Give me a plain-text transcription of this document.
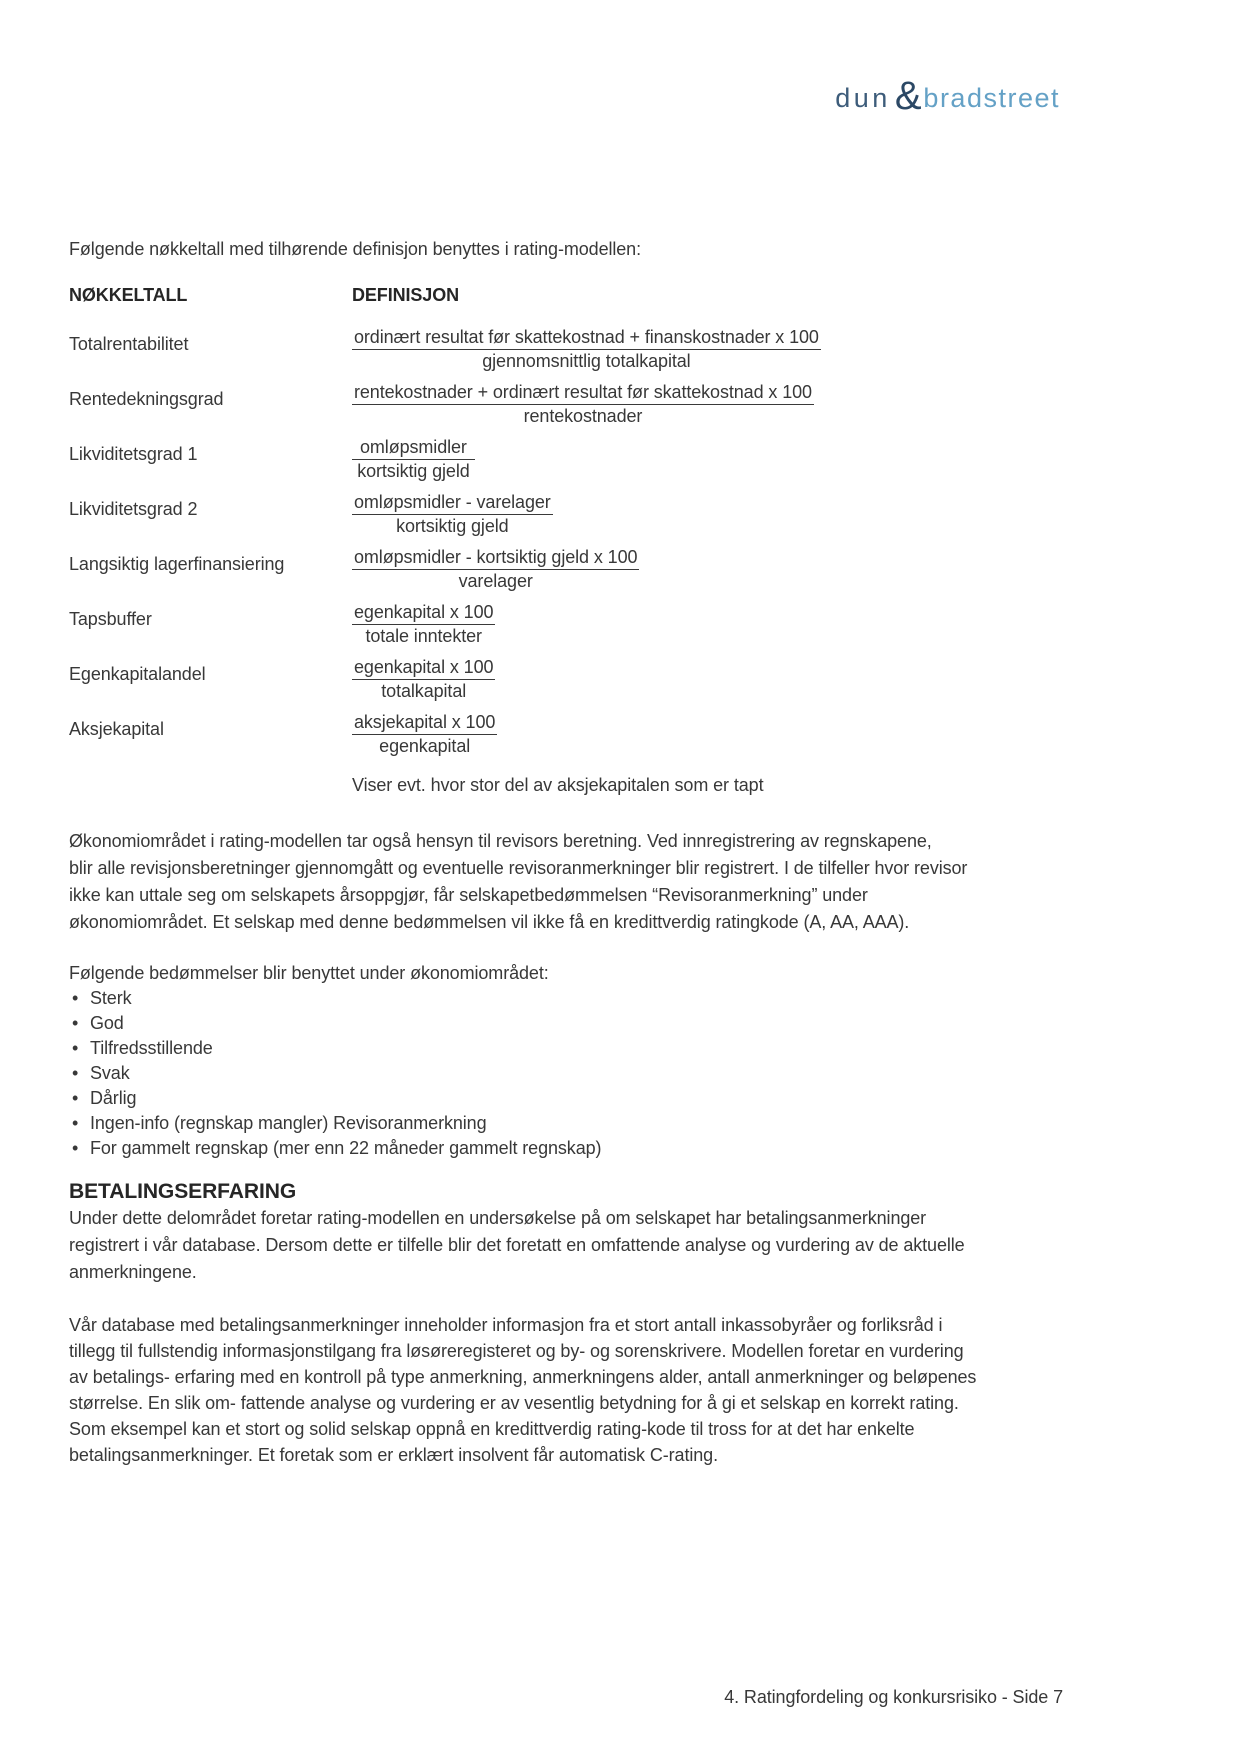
dun & bradstreet

Følgende nøkkeltall med tilhørende definisjon benyttes i rating-modellen:

NØKKELTALL	DEFINISJON
Totalrentabilitet	ordinært resultat før skattekostnad + finanskostnader x 100
gjennomsnittlig totalkapital
Rentedekningsgrad	rentekostnader + ordinært resultat før skattekostnad x 100
rentekostnader
Likviditetsgrad 1	omløpsmidler
kortsiktig gjeld
Likviditetsgrad 2	omløpsmidler - varelager
kortsiktig gjeld
Langsiktig lagerfinansiering	omløpsmidler - kortsiktig gjeld x 100
varelager
Tapsbuffer	egenkapital x 100
totale inntekter
Egenkapitalandel	egenkapital x 100
totalkapital
Aksjekapital	aksjekapital x 100
egenkapital
Viser evt. hvor stor del av aksjekapitalen som er tapt
Økonomiområdet i rating-modellen tar også hensyn til revisors beretning. Ved innregistrering av regnskapene,
blir alle revisjonsberetninger gjennomgått og eventuelle revisoranmerkninger blir registrert. I de tilfeller hvor revisor
ikke kan uttale seg om selskapets årsoppgjør, får selskapetbedømmelsen “Revisoranmerkning” under
økonomiområdet. Et selskap med denne bedømmelsen vil ikke få en kredittverdig ratingkode (A, AA, AAA).

Følgende bedømmelser blir benyttet under økonomiområdet:

• Sterk
• God
• Tilfredsstillende
• Svak
• Dårlig
• Ingen-info (regnskap mangler) Revisoranmerkning
• For gammelt regnskap (mer enn 22 måneder gammelt regnskap)
BETALINGSERFARING
Under dette delområdet foretar rating-modellen en undersøkelse på om selskapet har betalingsanmerkninger
registrert i vår database. Dersom dette er tilfelle blir det foretatt en omfattende analyse og vurdering av de aktuelle
anmerkningene.
Vår database med betalingsanmerkninger inneholder informasjon fra et stort antall inkassobyråer og forliksråd i
tillegg til fullstendig informasjonstilgang fra løsøreregisteret og by- og sorenskrivere. Modellen foretar en vurdering
av betalings- erfaring med en kontroll på type anmerkning, anmerkningens alder, antall anmerkninger og beløpenes
størrelse. En slik om- fattende analyse og vurdering er av vesentlig betydning for å gi et selskap en korrekt rating.
Som eksempel kan et stort og solid selskap oppnå en kredittverdig rating-kode til tross for at det har enkelte
betalingsanmerkninger. Et foretak som er erklært insolvent får automatisk C-rating.
4. Ratingfordeling og konkursrisiko - Side 7
